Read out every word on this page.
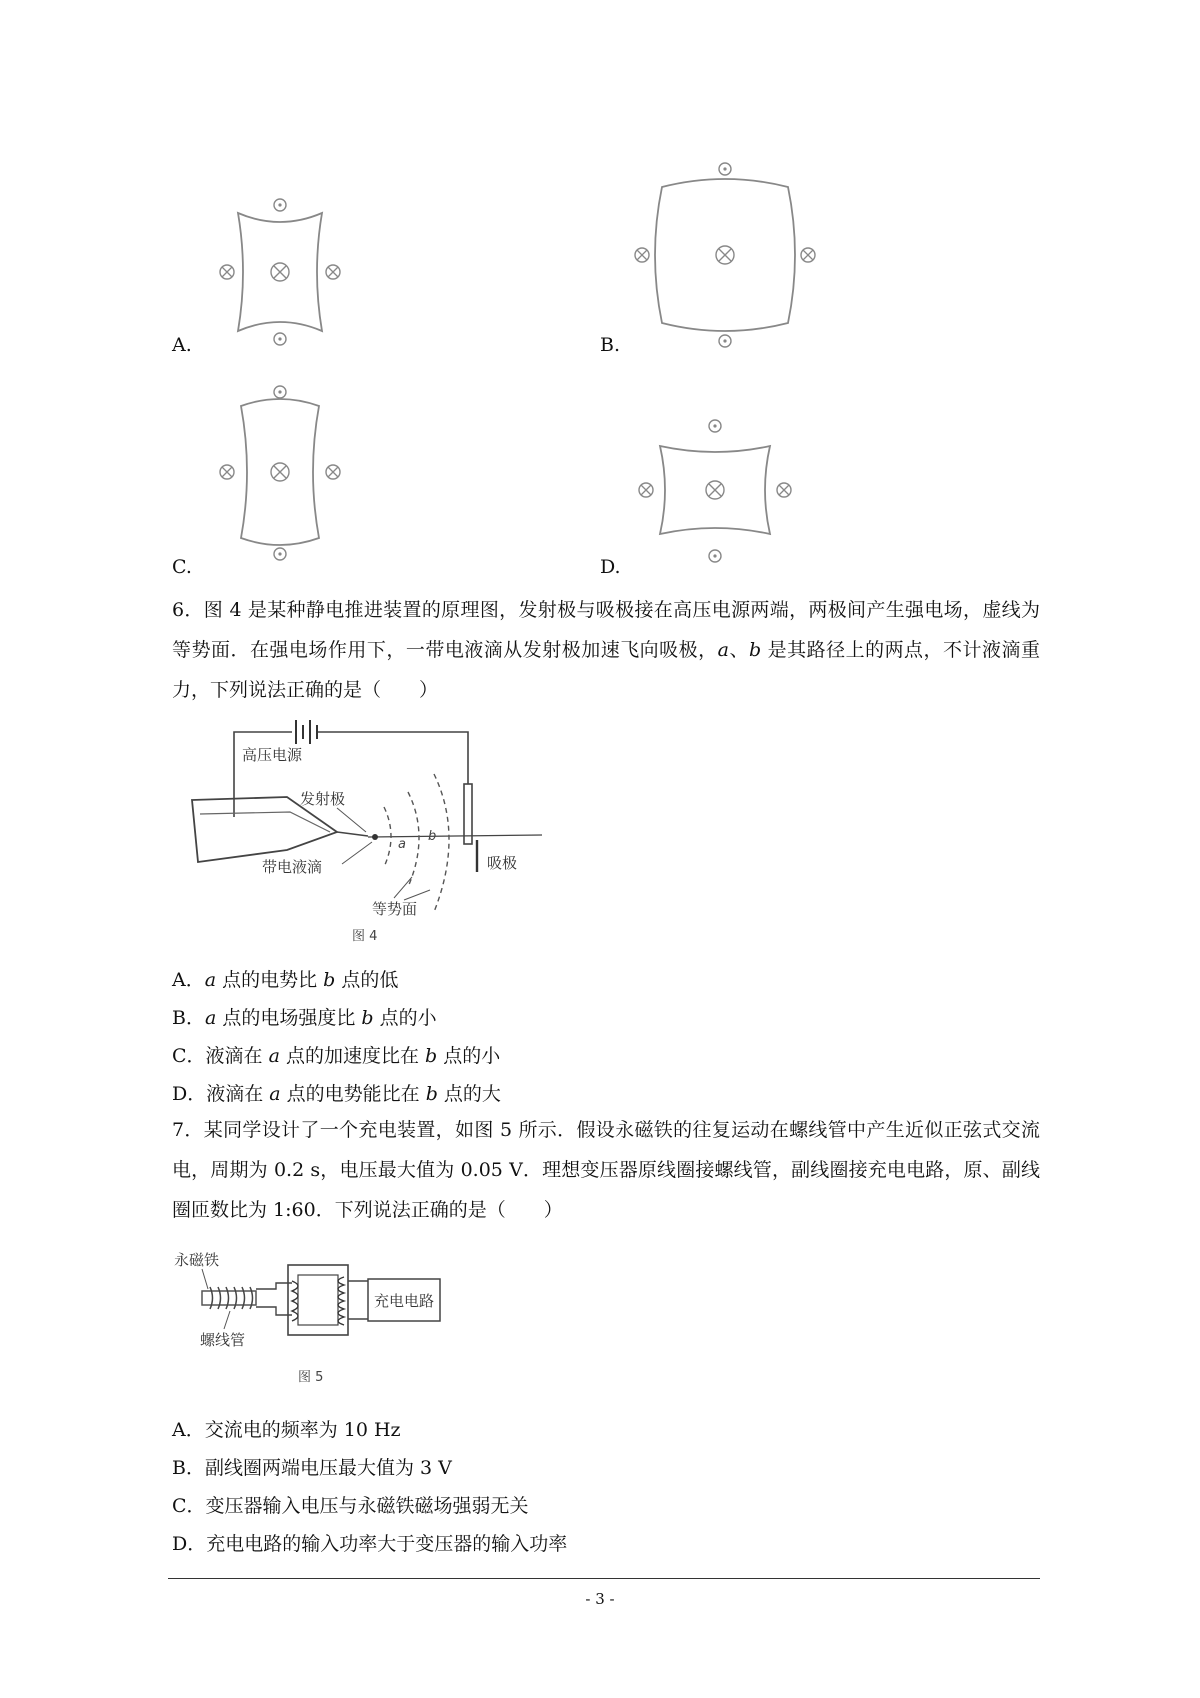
A.	B.
C.	D.
6．图 4 是某种静电推进装置的原理图，发射极与吸极接在高压电源两端，两极间产生强电场，虚线为等势面．在强电场作用下，一带电液滴从发射极加速飞向吸极，a、b 是其路径上的两点，不计液滴重力，下列说法正确的是（　　）
高压电源
发射极
带电液滴
a
b
吸极
等势面
图 4
A．a 点的电势比 b 点的低
B．a 点的电场强度比 b 点的小
C．液滴在 a 点的加速度比在 b 点的小
D．液滴在 a 点的电势能比在 b 点的大
7．某同学设计了一个充电装置，如图 5 所示．假设永磁铁的往复运动在螺线管中产生近似正弦式交流电，周期为 0.2 s，电压最大值为 0.05 V．理想变压器原线圈接螺线管，副线圈接充电电路，原、副线圈匝数比为 1:60．下列说法正确的是（　　）
永磁铁
螺线管
充电电路
图 5
A．交流电的频率为 10 Hz
B．副线圈两端电压最大值为 3 V
C．变压器输入电压与永磁铁磁场强弱无关
D．充电电路的输入功率大于变压器的输入功率
- 3 -
